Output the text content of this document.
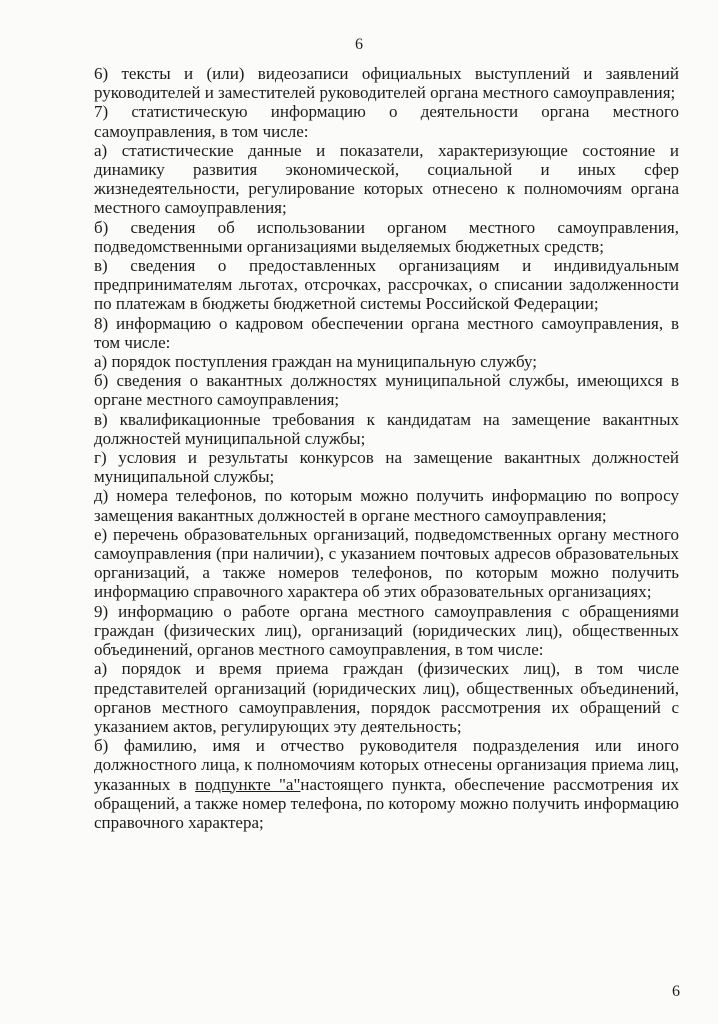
6

6) тексты и (или) видеозаписи официальных выступлений и заявлений руководителей и заместителей руководителей органа местного самоуправления;

7) статистическую информацию о деятельности органа местного самоуправления, в том числе:

а) статистические данные и показатели, характеризующие состояние и динамику развития экономической, социальной и иных сфер жизнедеятельности, регулирование которых отнесено к полномочиям органа местного самоуправления;

б) сведения об использовании органом местного самоуправления, подведомственными организациями выделяемых бюджетных средств;

в) сведения о предоставленных организациям и индивидуальным предпринимателям льготах, отсрочках, рассрочках, о списании задолженности по платежам в бюджеты бюджетной системы Российской Федерации;

8) информацию о кадровом обеспечении органа местного самоуправления, в том числе:

а) порядок поступления граждан на муниципальную службу;

б) сведения о вакантных должностях муниципальной службы, имеющихся в органе местного самоуправления;

в) квалификационные требования к кандидатам на замещение вакантных должностей муниципальной службы;

г) условия и результаты конкурсов на замещение вакантных должностей муниципальной службы;

д) номера телефонов, по которым можно получить информацию по вопросу замещения вакантных должностей в органе местного самоуправления;

е) перечень образовательных организаций, подведомственных органу местного самоуправления (при наличии), с указанием почтовых адресов образовательных организаций, а также номеров телефонов, по которым можно получить информацию справочного характера об этих образовательных организациях;

9) информацию о работе органа местного самоуправления с обращениями граждан (физических лиц), организаций (юридических лиц), общественных объединений, органов местного самоуправления, в том числе:

а) порядок и время приема граждан (физических лиц), в том числе представителей организаций (юридических лиц), общественных объединений, органов местного самоуправления, порядок рассмотрения их обращений с указанием актов, регулирующих эту деятельность;

б) фамилию, имя и отчество руководителя подразделения или иного должностного лица, к полномочиям которых отнесены организация приема лиц, указанных в подпункте "а"настоящего пункта, обеспечение рассмотрения их обращений, а также номер телефона, по которому можно получить информацию справочного характера;

6
